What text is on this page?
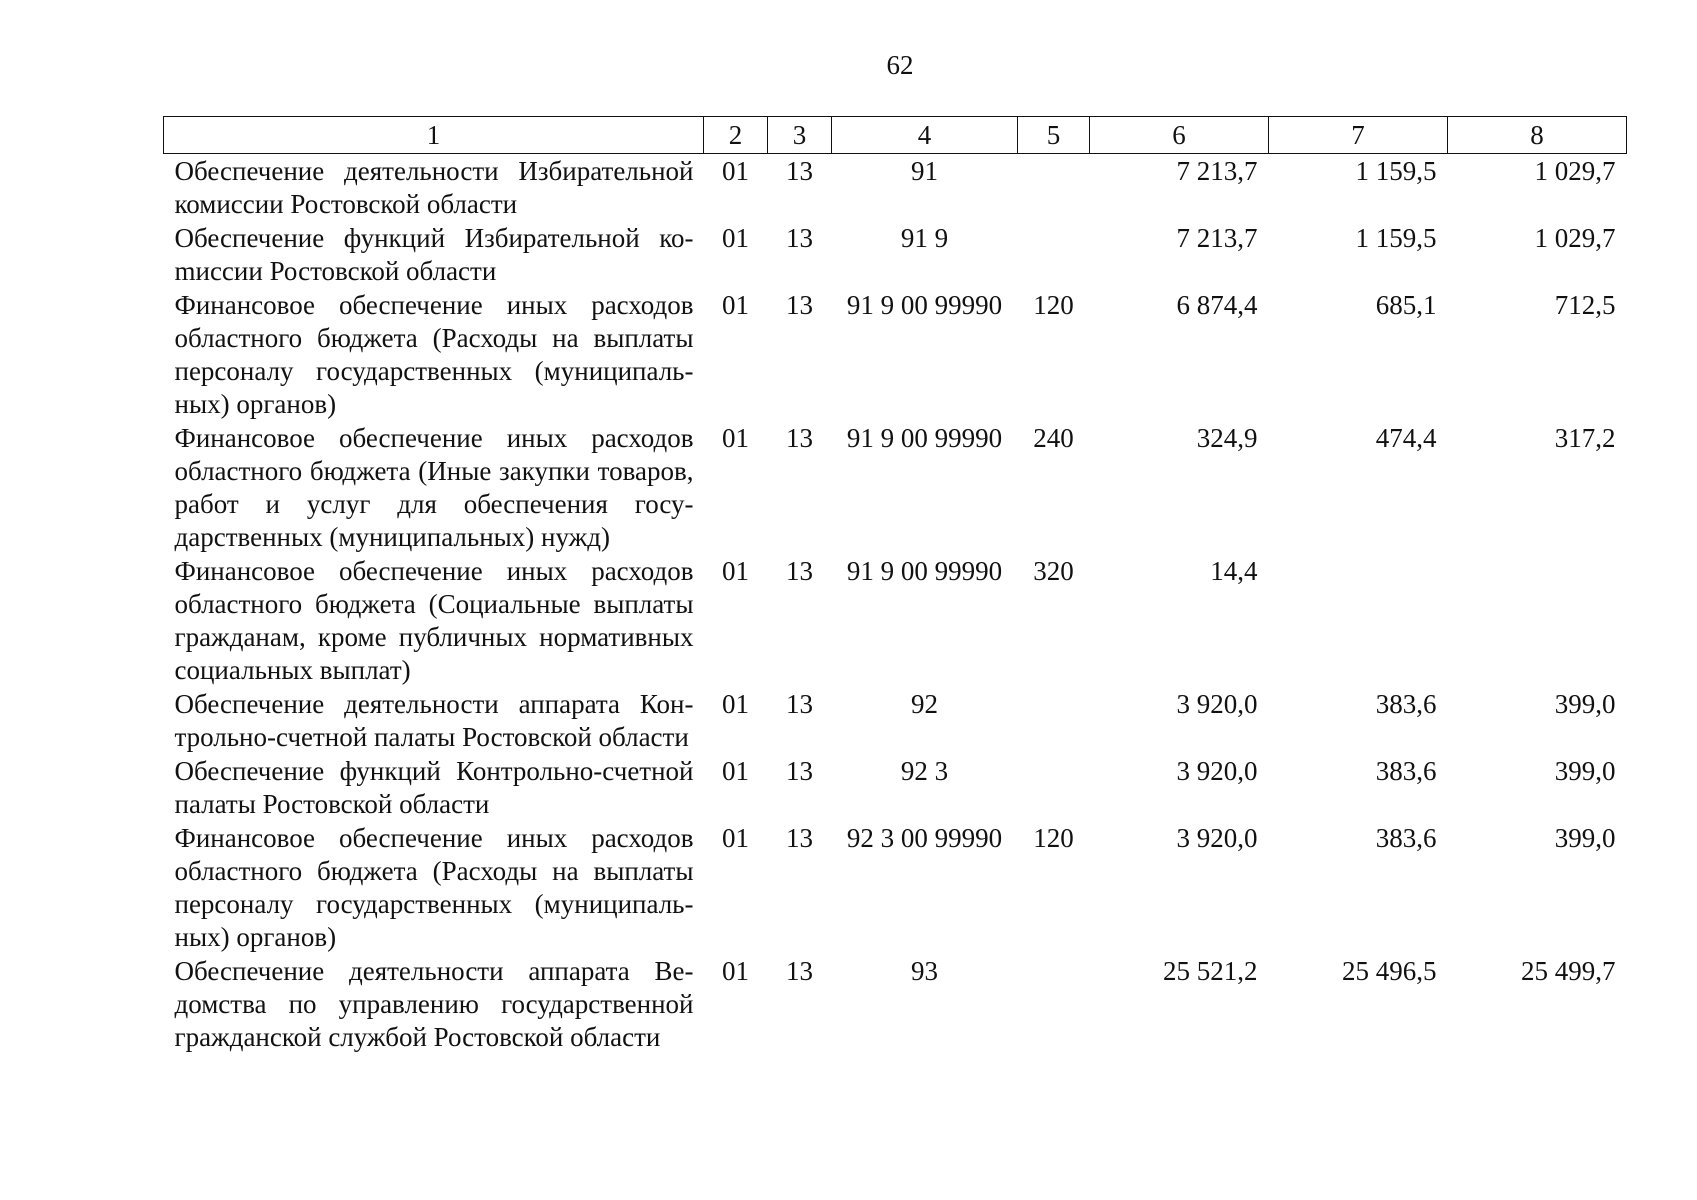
62
1	2	3	4	5	6	7	8
Обеспечение деятельности Избирательной комиссии Ростовской области	01	13	91		7 213,7	1 159,5	1 029,7
Обеспечение функций Избирательной коmиссии Ростовской области	01	13	91 9		7 213,7	1 159,5	1 029,7
Финансовое обеспечение иных расходов областного бюджета (Расходы на выплаты персоналу государственных (муниципальных) органов)	01	13	91 9 00 99990	120	6 874,4	685,1	712,5
Финансовое обеспечение иных расходов областного бюджета (Иные закупки товаров, работ и услуг для обеспечения государственных (муниципальных) нужд)	01	13	91 9 00 99990	240	324,9	474,4	317,2
Финансовое обеспечение иных расходов областного бюджета (Социальные выплаты гражданам, кроме публичных нормативных социальных выплат)	01	13	91 9 00 99990	320	14,4		
Обеспечение деятельности аппарата Контрольно-счетной палаты Ростовской области	01	13	92		3 920,0	383,6	399,0
Обеспечение функций Контрольно-счетной палаты Ростовской области	01	13	92 3		3 920,0	383,6	399,0
Финансовое обеспечение иных расходов областного бюджета (Расходы на выплаты персоналу государственных (муниципальных) органов)	01	13	92 3 00 99990	120	3 920,0	383,6	399,0
Обеспечение деятельности аппарата Ведомства по управлению государственной гражданской службой Ростовской области	01	13	93		25 521,2	25 496,5	25 499,7
